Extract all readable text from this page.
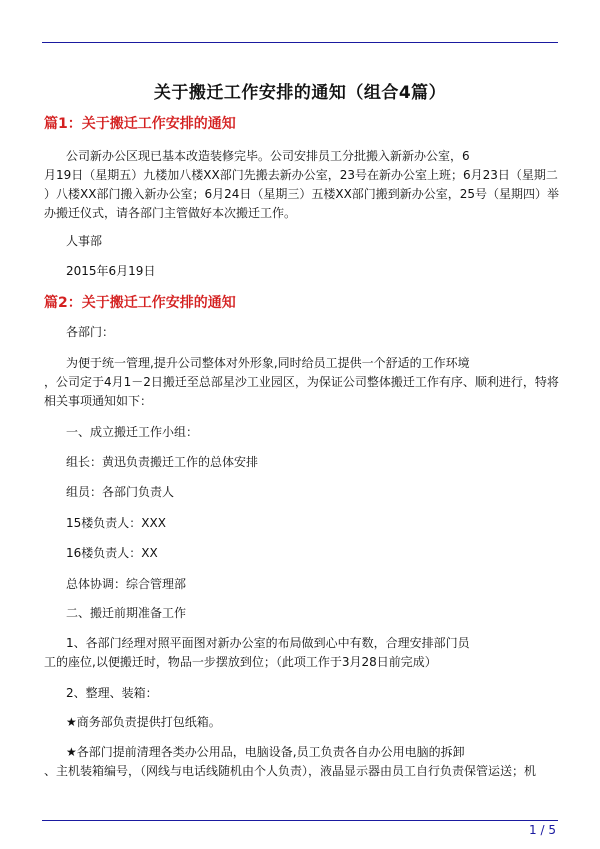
关于搬迁工作安排的通知（组合4篇）
篇1：关于搬迁工作安排的通知
公司新办公区现已基本改造装修完毕。公司安排员工分批搬入新新办公室，6
月19日（星期五）九楼加八楼XX部门先搬去新办公室，23号在新办公室上班；6月23日（星期二
）八楼XX部门搬入新办公室；6月24日（星期三）五楼XX部门搬到新办公室，25号（星期四）举
办搬迁仪式，请各部门主管做好本次搬迁工作。
人事部
2015年6月19日
篇2：关于搬迁工作安排的通知
各部门：
为便于统一管理,提升公司整体对外形象,同时给员工提供一个舒适的工作环境
，公司定于4月1－2日搬迁至总部星沙工业园区，为保证公司整体搬迁工作有序、顺利进行，特将
相关事项通知如下：
一、成立搬迁工作小组：
组长：黄迅负责搬迁工作的总体安排
组员：各部门负责人
15楼负责人：XXX
16楼负责人：XX
总体协调：综合管理部
二、搬迁前期准备工作
1、各部门经理对照平面图对新办公室的布局做到心中有数，合理安排部门员
工的座位,以便搬迁时，物品一步摆放到位；（此项工作于3月28日前完成）
2、整理、装箱：
★商务部负责提供打包纸箱。
★各部门提前清理各类办公用品，电脑设备,员工负责各自办公用电脑的拆卸
、主机装箱编号，（网线与电话线随机由个人负责），液晶显示器由员工自行负责保管运送；机
1 / 5
